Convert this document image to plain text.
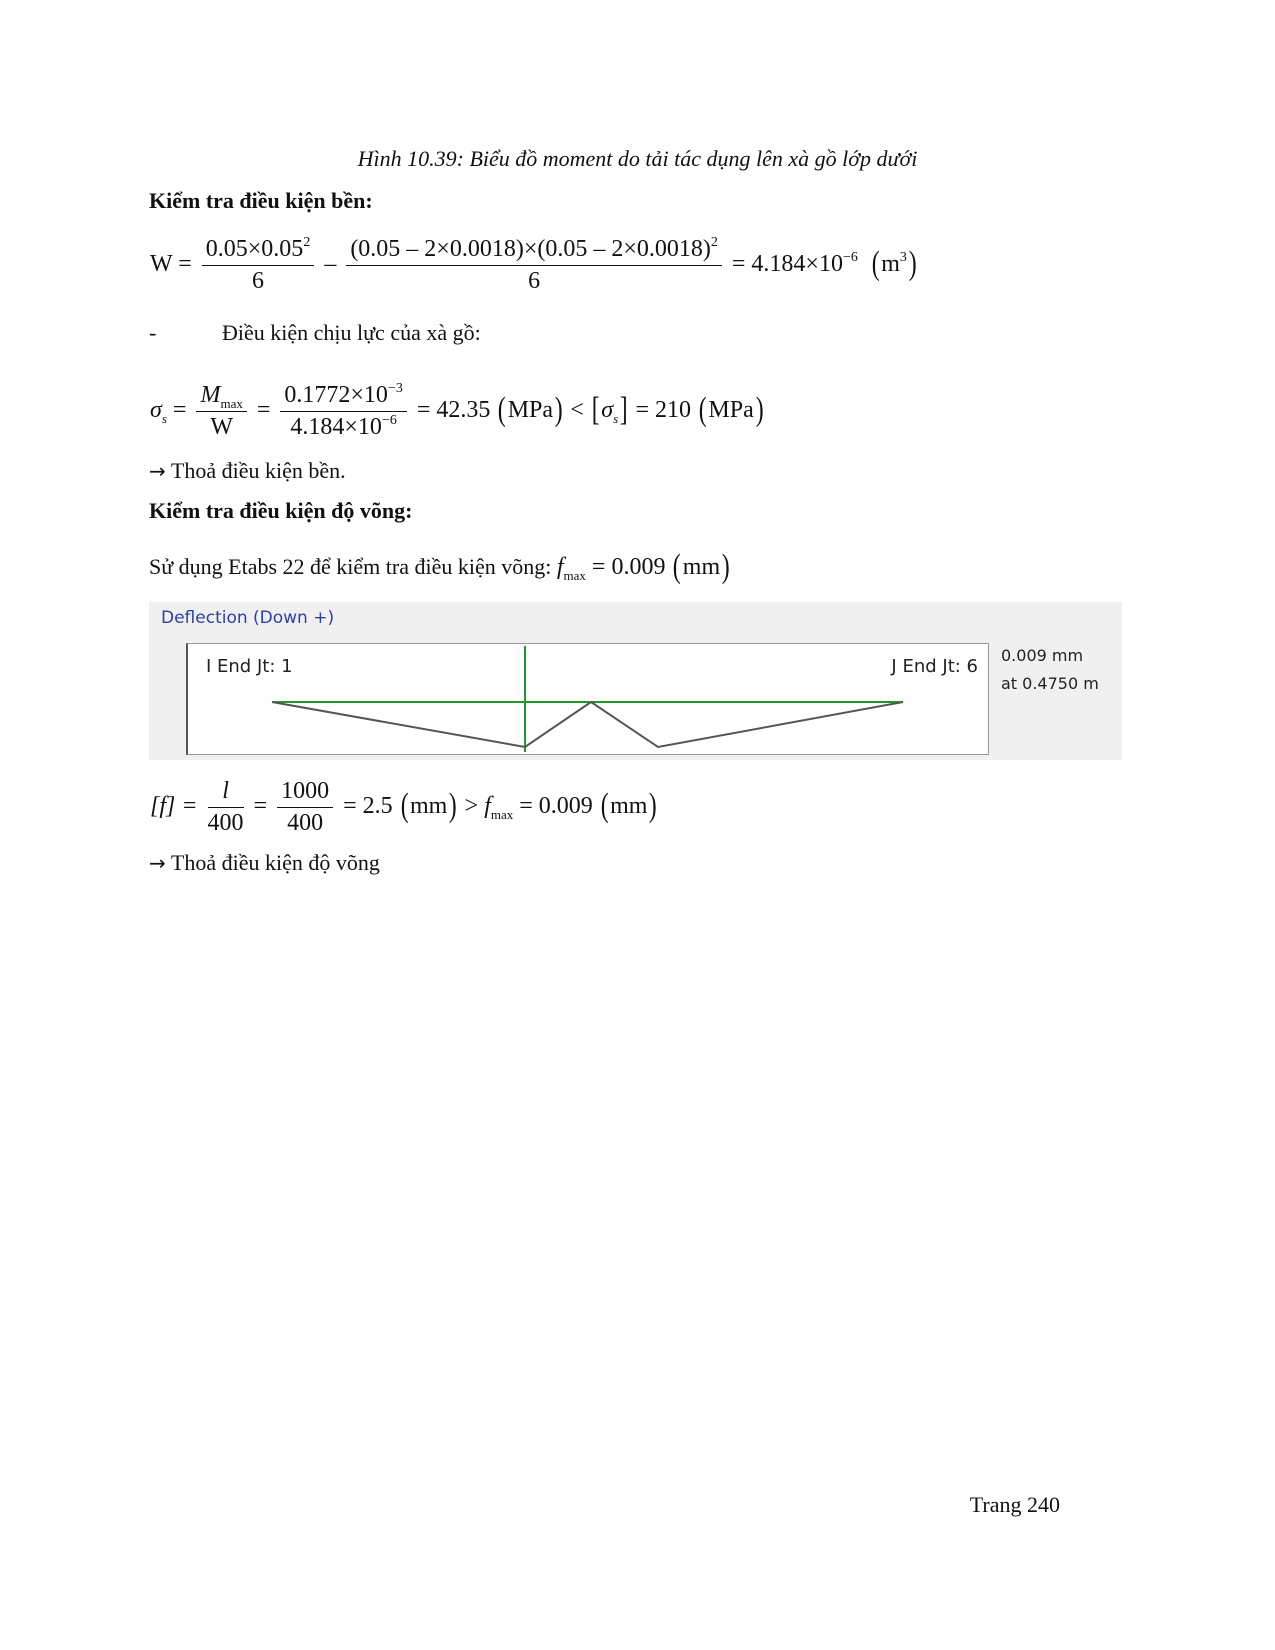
Hình 10.39: Biểu đồ moment do tải tác dụng lên xà gồ lớp dưới
Kiểm tra điều kiện bền:
$W = \frac{0.05\times 0.05^2}{6} - \frac{(0.05 - 2\times 0.0018)\times(0.05 - 2\times 0.0018)^2}{6} = 4.184\times 10^{-6}$ $(m^3)$
-	Điều kiện chịu lực của xà gồ:
$\sigma_s = \frac{M_{max}}{W} = \frac{0.1772\times 10^{-3}}{4.184\times 10^{-6}} = 42.35$ $(MPa) < [\sigma_s] = 210$ (MPa)
→ Thoả điều kiện bền.
Kiểm tra điều kiện độ võng:
Sử dụng Etabs 22 để kiểm tra điều kiện võng: $f_{max} = 0.009$ (mm)
Deflection (Down +)
I End Jt: 1	J End Jt: 6
0.009 mm
at 0.4750 m
$[f] = \frac{l}{400} = \frac{1000}{400} = 2.5$ $(mm) > f_{max} = 0.009$ (mm)
→ Thoả điều kiện độ võng
Trang 240
